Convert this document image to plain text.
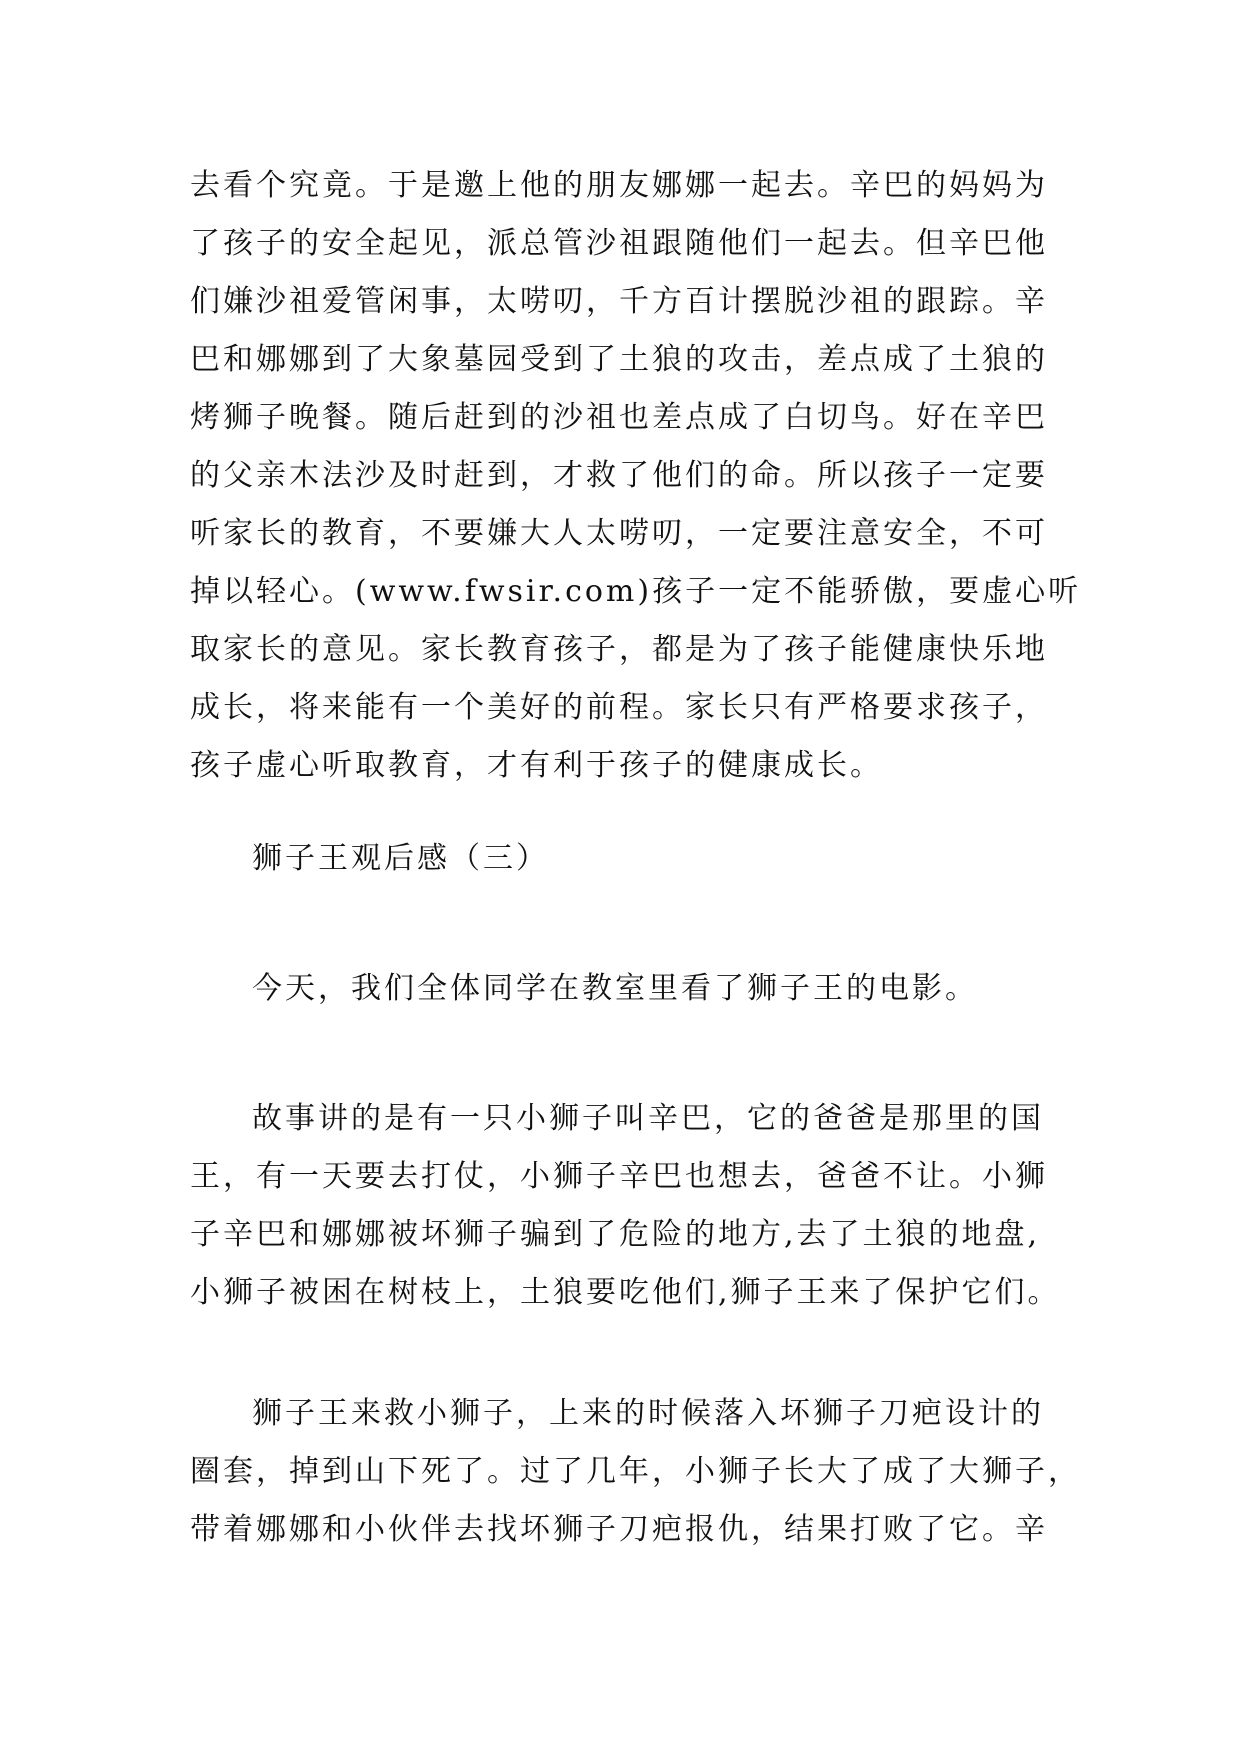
去看个究竟。于是邀上他的朋友娜娜一起去。辛巴的妈妈为
了孩子的安全起见，派总管沙祖跟随他们一起去。但辛巴他
们嫌沙祖爱管闲事，太唠叨，千方百计摆脱沙祖的跟踪。辛
巴和娜娜到了大象墓园受到了土狼的攻击，差点成了土狼的
烤狮子晚餐。随后赶到的沙祖也差点成了白切鸟。好在辛巴
的父亲木法沙及时赶到，才救了他们的命。所以孩子一定要
听家长的教育，不要嫌大人太唠叨，一定要注意安全，不可
掉以轻心。(www.fwsir.com)孩子一定不能骄傲，要虚心听
取家长的意见。家长教育孩子，都是为了孩子能健康快乐地
成长，将来能有一个美好的前程。家长只有严格要求孩子，
孩子虚心听取教育，才有利于孩子的健康成长。
狮子王观后感（三）
今天，我们全体同学在教室里看了狮子王的电影。
故事讲的是有一只小狮子叫辛巴，它的爸爸是那里的国
王，有一天要去打仗，小狮子辛巴也想去，爸爸不让。小狮
子辛巴和娜娜被坏狮子骗到了危险的地方,去了土狼的地盘,
小狮子被困在树枝上，土狼要吃他们,狮子王来了保护它们。
狮子王来救小狮子，上来的时候落入坏狮子刀疤设计的
圈套，掉到山下死了。过了几年，小狮子长大了成了大狮子，
带着娜娜和小伙伴去找坏狮子刀疤报仇，结果打败了它。辛
